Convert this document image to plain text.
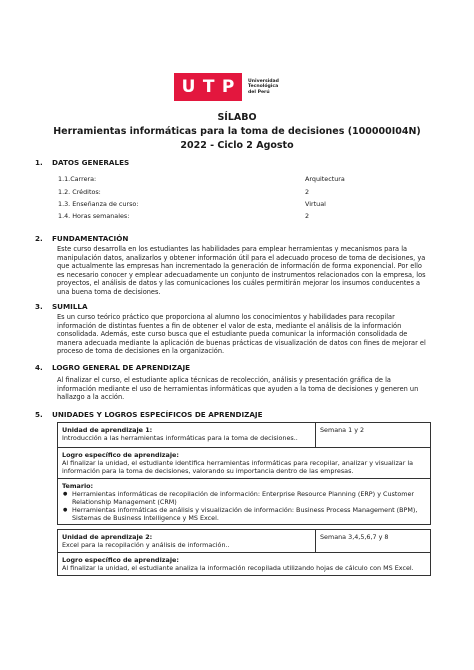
U T P	Universidad
Tecnológica
del Perú
SÍLABO
Herramientas informáticas para la toma de decisiones (100000I04N)
2022 - Ciclo 2 Agosto
1. DATOS GENERALES
1.1.Carrera:	Arquitectura
1.2. Créditos:	2
1.3. Enseñanza de curso:	Virtual
1.4. Horas semanales:	2
2. FUNDAMENTACIÓN
Este curso desarrolla en los estudiantes las habilidades para emplear herramientas y mecanismos para la
manipulación datos, analizarlos y obtener información útil para el adecuado proceso de toma de decisiones, ya
que actualmente las empresas han incrementado la generación de información de forma exponencial. Por ello
es necesario conocer y emplear adecuadamente un conjunto de instrumentos relacionados con la empresa, los
proyectos, el análisis de datos y las comunicaciones los cuáles permitirán mejorar los insumos conducentes a
una buena toma de decisiones.
3. SUMILLA
Es un curso teórico práctico que proporciona al alumno los conocimientos y habilidades para recopilar
información de distintas fuentes a fin de obtener el valor de esta, mediante el análisis de la información
consolidada. Además, este curso busca que el estudiante pueda comunicar la información consolidada de
manera adecuada mediante la aplicación de buenas prácticas de visualización de datos con fines de mejorar el
proceso de toma de decisiones en la organización.
4. LOGRO GENERAL DE APRENDIZAJE
Al finalizar el curso, el estudiante aplica técnicas de recolección, análisis y presentación gráfica de la
información mediante el uso de herramientas informáticas que ayuden a la toma de decisiones y generen un
hallazgo a la acción.
5. UNIDADES Y LOGROS ESPECÍFICOS DE APRENDIZAJE
Unidad de aprendizaje 1:
Introducción a las herramientas informáticas para la toma de decisiones..
Semana 1 y 2
Logro específico de aprendizaje:
Al finalizar la unidad, el estudiante identifica herramientas informáticas para recopilar, analizar y visualizar la
información para la toma de decisiones, valorando su importancia dentro de las empresas.
Temario:
● Herramientas informáticas de recopilación de información: Enterprise Resource Planning (ERP) y Customer
Relationship Management (CRM)
● Herramientas informáticas de análisis y visualización de información: Business Process Management (BPM),
Sistemas de Business Intelligence y MS Excel.
Unidad de aprendizaje 2:
Excel para la recopilación y análisis de información..
Semana 3,4,5,6,7 y 8
Logro específico de aprendizaje:
Al finalizar la unidad, el estudiante analiza la información recopilada utilizando hojas de cálculo con MS Excel.
